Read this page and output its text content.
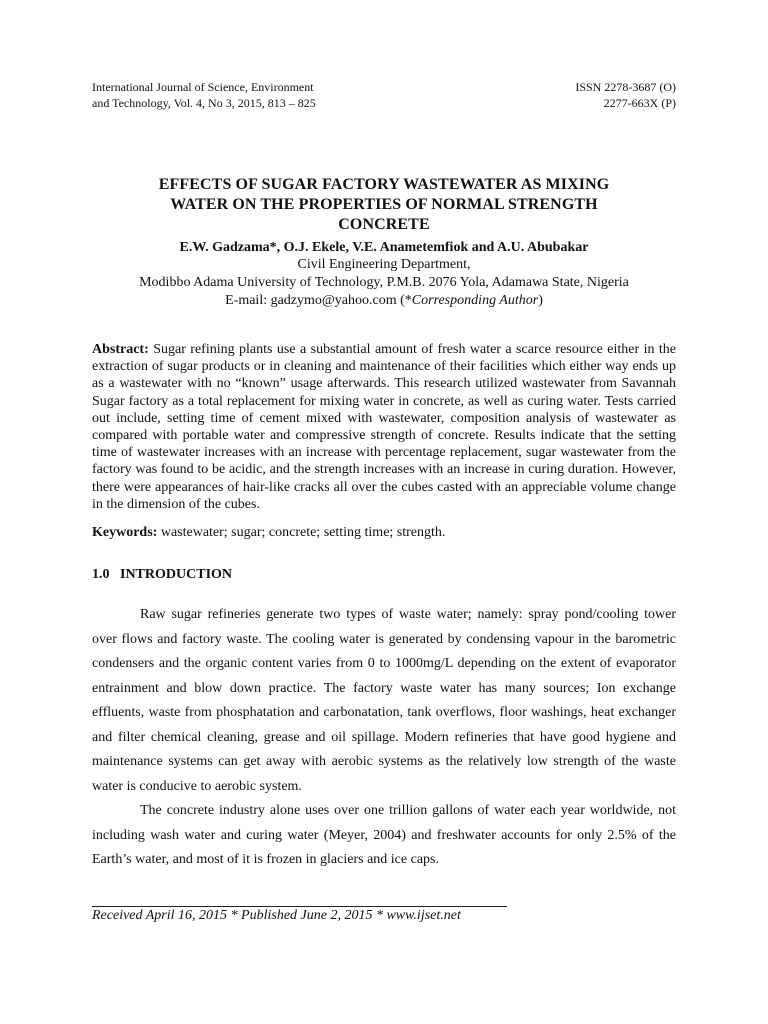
International Journal of Science, Environment
and Technology, Vol. 4, No 3, 2015, 813 – 825
ISSN 2278-3687 (O)
2277-663X (P)
EFFECTS OF SUGAR FACTORY WASTEWATER AS MIXING
WATER ON THE PROPERTIES OF NORMAL STRENGTH
CONCRETE
E.W. Gadzama*, O.J. Ekele, V.E. Anametemfiok and A.U. Abubakar
Civil Engineering Department,
Modibbo Adama University of Technology, P.M.B. 2076 Yola, Adamawa State, Nigeria
E-mail: gadzymo@yahoo.com (*Corresponding Author)
Abstract: Sugar refining plants use a substantial amount of fresh water a scarce resource either in the extraction of sugar products or in cleaning and maintenance of their facilities which either way ends up as a wastewater with no “known” usage afterwards. This research utilized wastewater from Savannah Sugar factory as a total replacement for mixing water in concrete, as well as curing water. Tests carried out include, setting time of cement mixed with wastewater, composition analysis of wastewater as compared with portable water and compressive strength of concrete. Results indicate that the setting time of wastewater increases with an increase with percentage replacement, sugar wastewater from the factory was found to be acidic, and the strength increases with an increase in curing duration. However, there were appearances of hair-like cracks all over the cubes casted with an appreciable volume change in the dimension of the cubes.
Keywords: wastewater; sugar; concrete; setting time; strength.
1.0 INTRODUCTION

Raw sugar refineries generate two types of waste water; namely: spray pond/cooling tower over flows and factory waste. The cooling water is generated by condensing vapour in the barometric condensers and the organic content varies from 0 to 1000mg/L depending on the extent of evaporator entrainment and blow down practice. The factory waste water has many sources; Ion exchange effluents, waste from phosphatation and carbonatation, tank overflows, floor washings, heat exchanger and filter chemical cleaning, grease and oil spillage. Modern refineries that have good hygiene and maintenance systems can get away with aerobic systems as the relatively low strength of the waste water is conducive to aerobic system.

The concrete industry alone uses over one trillion gallons of water each year worldwide, not including wash water and curing water (Meyer, 2004) and freshwater accounts for only 2.5% of the Earth’s water, and most of it is frozen in glaciers and ice caps.

Received April 16, 2015 * Published June 2, 2015 * www.ijset.net
